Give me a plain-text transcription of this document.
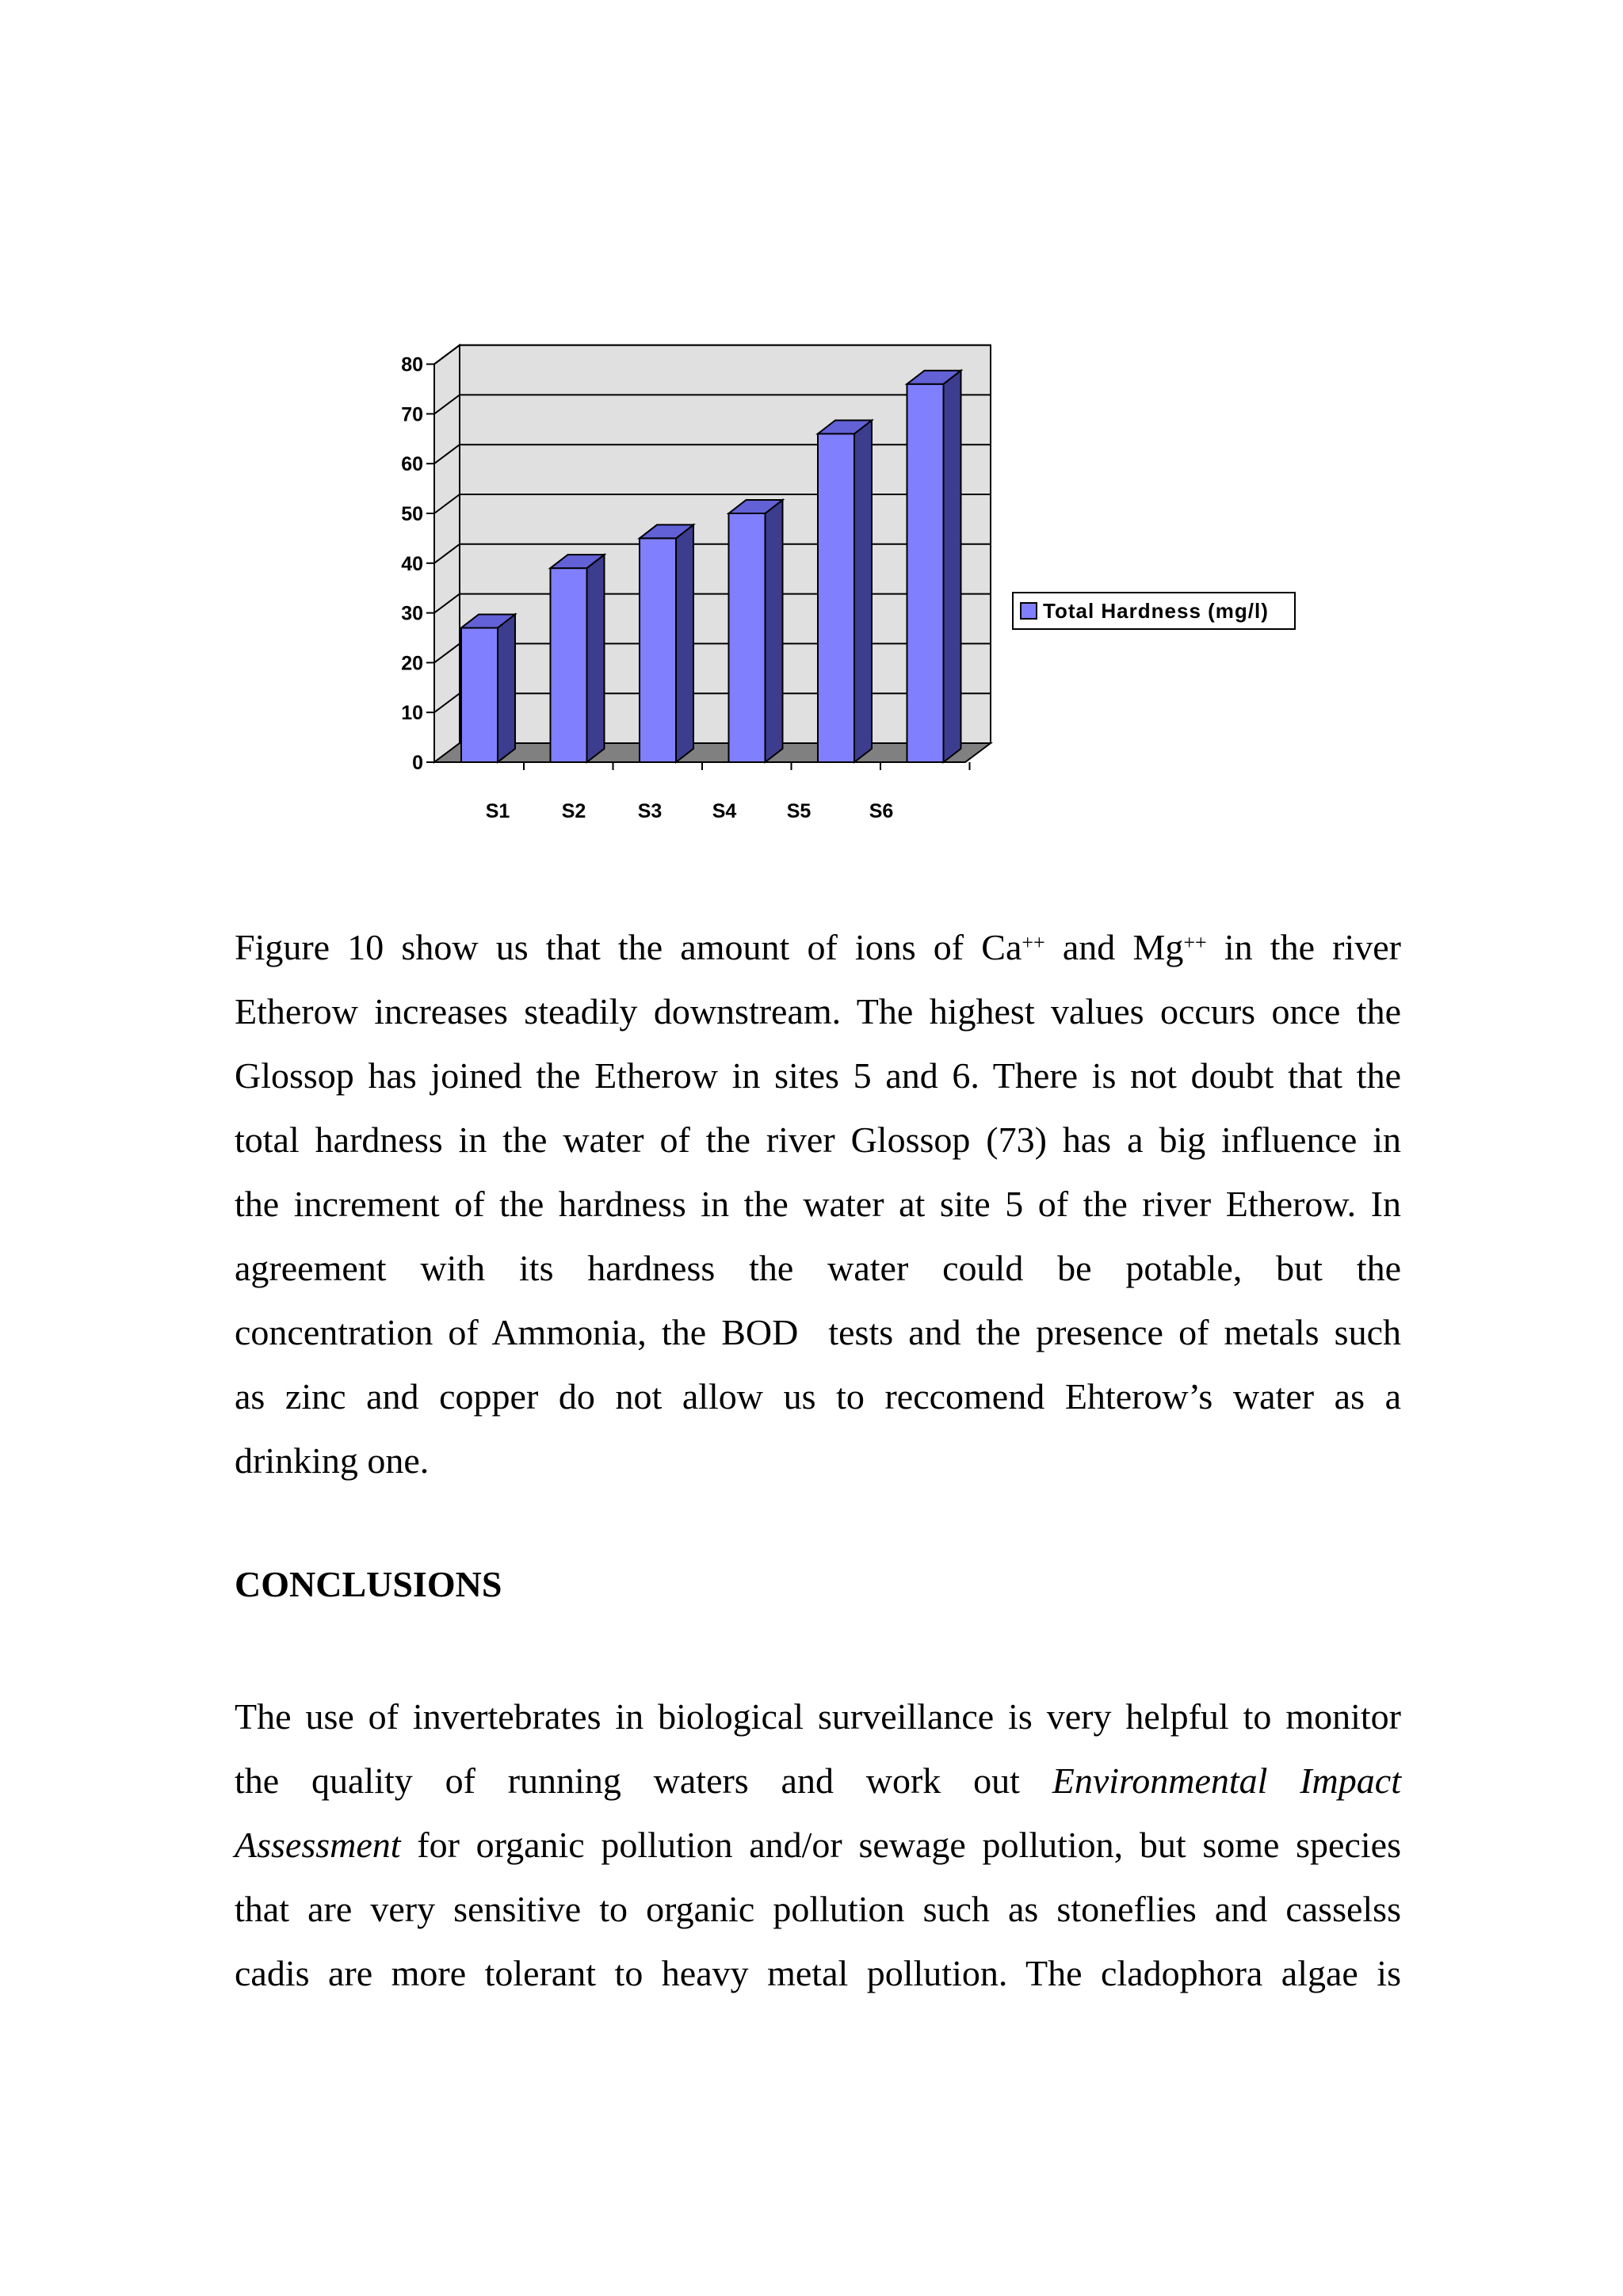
0
10
20
30
40
50
60
70
80
S1	S2	S3	S4	S5	S6
Total Hardness (mg/l)

Figure 10 show us that the amount of ions of Ca++ and Mg++ in the river
Etherow increases steadily downstream. The highest values occurs once the
Glossop has joined the Etherow in sites 5 and 6. There is not doubt that the
total hardness in the water of the river Glossop (73) has a big influence in
the increment of the hardness in the water at site 5 of the river Etherow. In
agreement with its hardness the water could be potable, but the
concentration of Ammonia, the BOD tests and the presence of metals such
as zinc and copper do not allow us to reccomend Ehterow’s water as a
drinking one.

CONCLUSIONS

The use of invertebrates in biological surveillance is very helpful to monitor
the quality of running waters and work out Environmental Impact
Assessment for organic pollution and/or sewage pollution, but some species
that are very sensitive to organic pollution such as stoneflies and casselss
cadis are more tolerant to heavy metal pollution. The cladophora algae is
